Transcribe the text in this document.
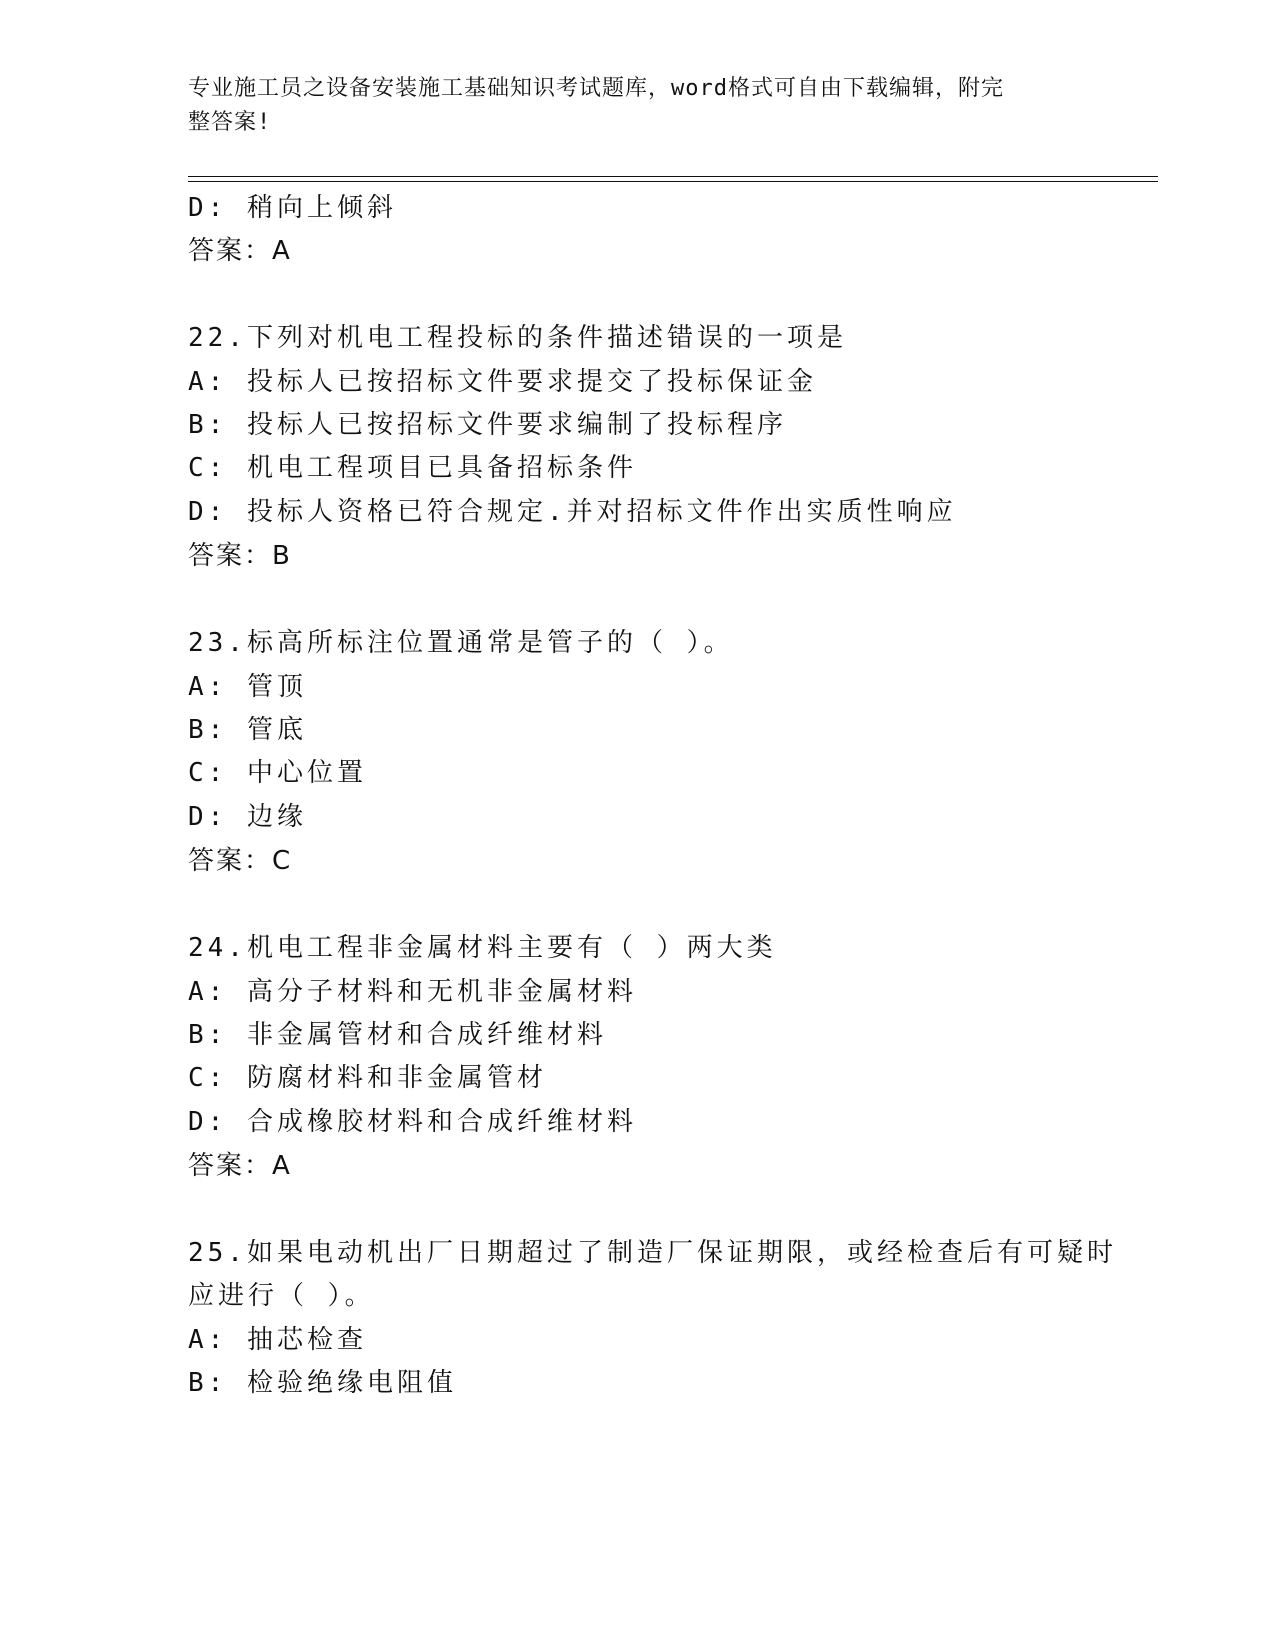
专业施工员之设备安装施工基础知识考试题库，word格式可自由下载编辑，附完
整答案!
D: 稍向上倾斜
答案：A
22.下列对机电工程投标的条件描述错误的一项是
A: 投标人已按招标文件要求提交了投标保证金
B: 投标人已按招标文件要求编制了投标程序
C: 机电工程项目已具备招标条件
D: 投标人资格已符合规定.并对招标文件作出实质性响应
答案：B
23.标高所标注位置通常是管子的（ ）。
A: 管顶
B: 管底
C: 中心位置
D: 边缘
答案：C
24.机电工程非金属材料主要有（ ）两大类
A: 高分子材料和无机非金属材料
B: 非金属管材和合成纤维材料
C: 防腐材料和非金属管材
D: 合成橡胶材料和合成纤维材料
答案：A
25.如果电动机出厂日期超过了制造厂保证期限，或经检查后有可疑时
应进行（ ）。
A: 抽芯检查
B: 检验绝缘电阻值
